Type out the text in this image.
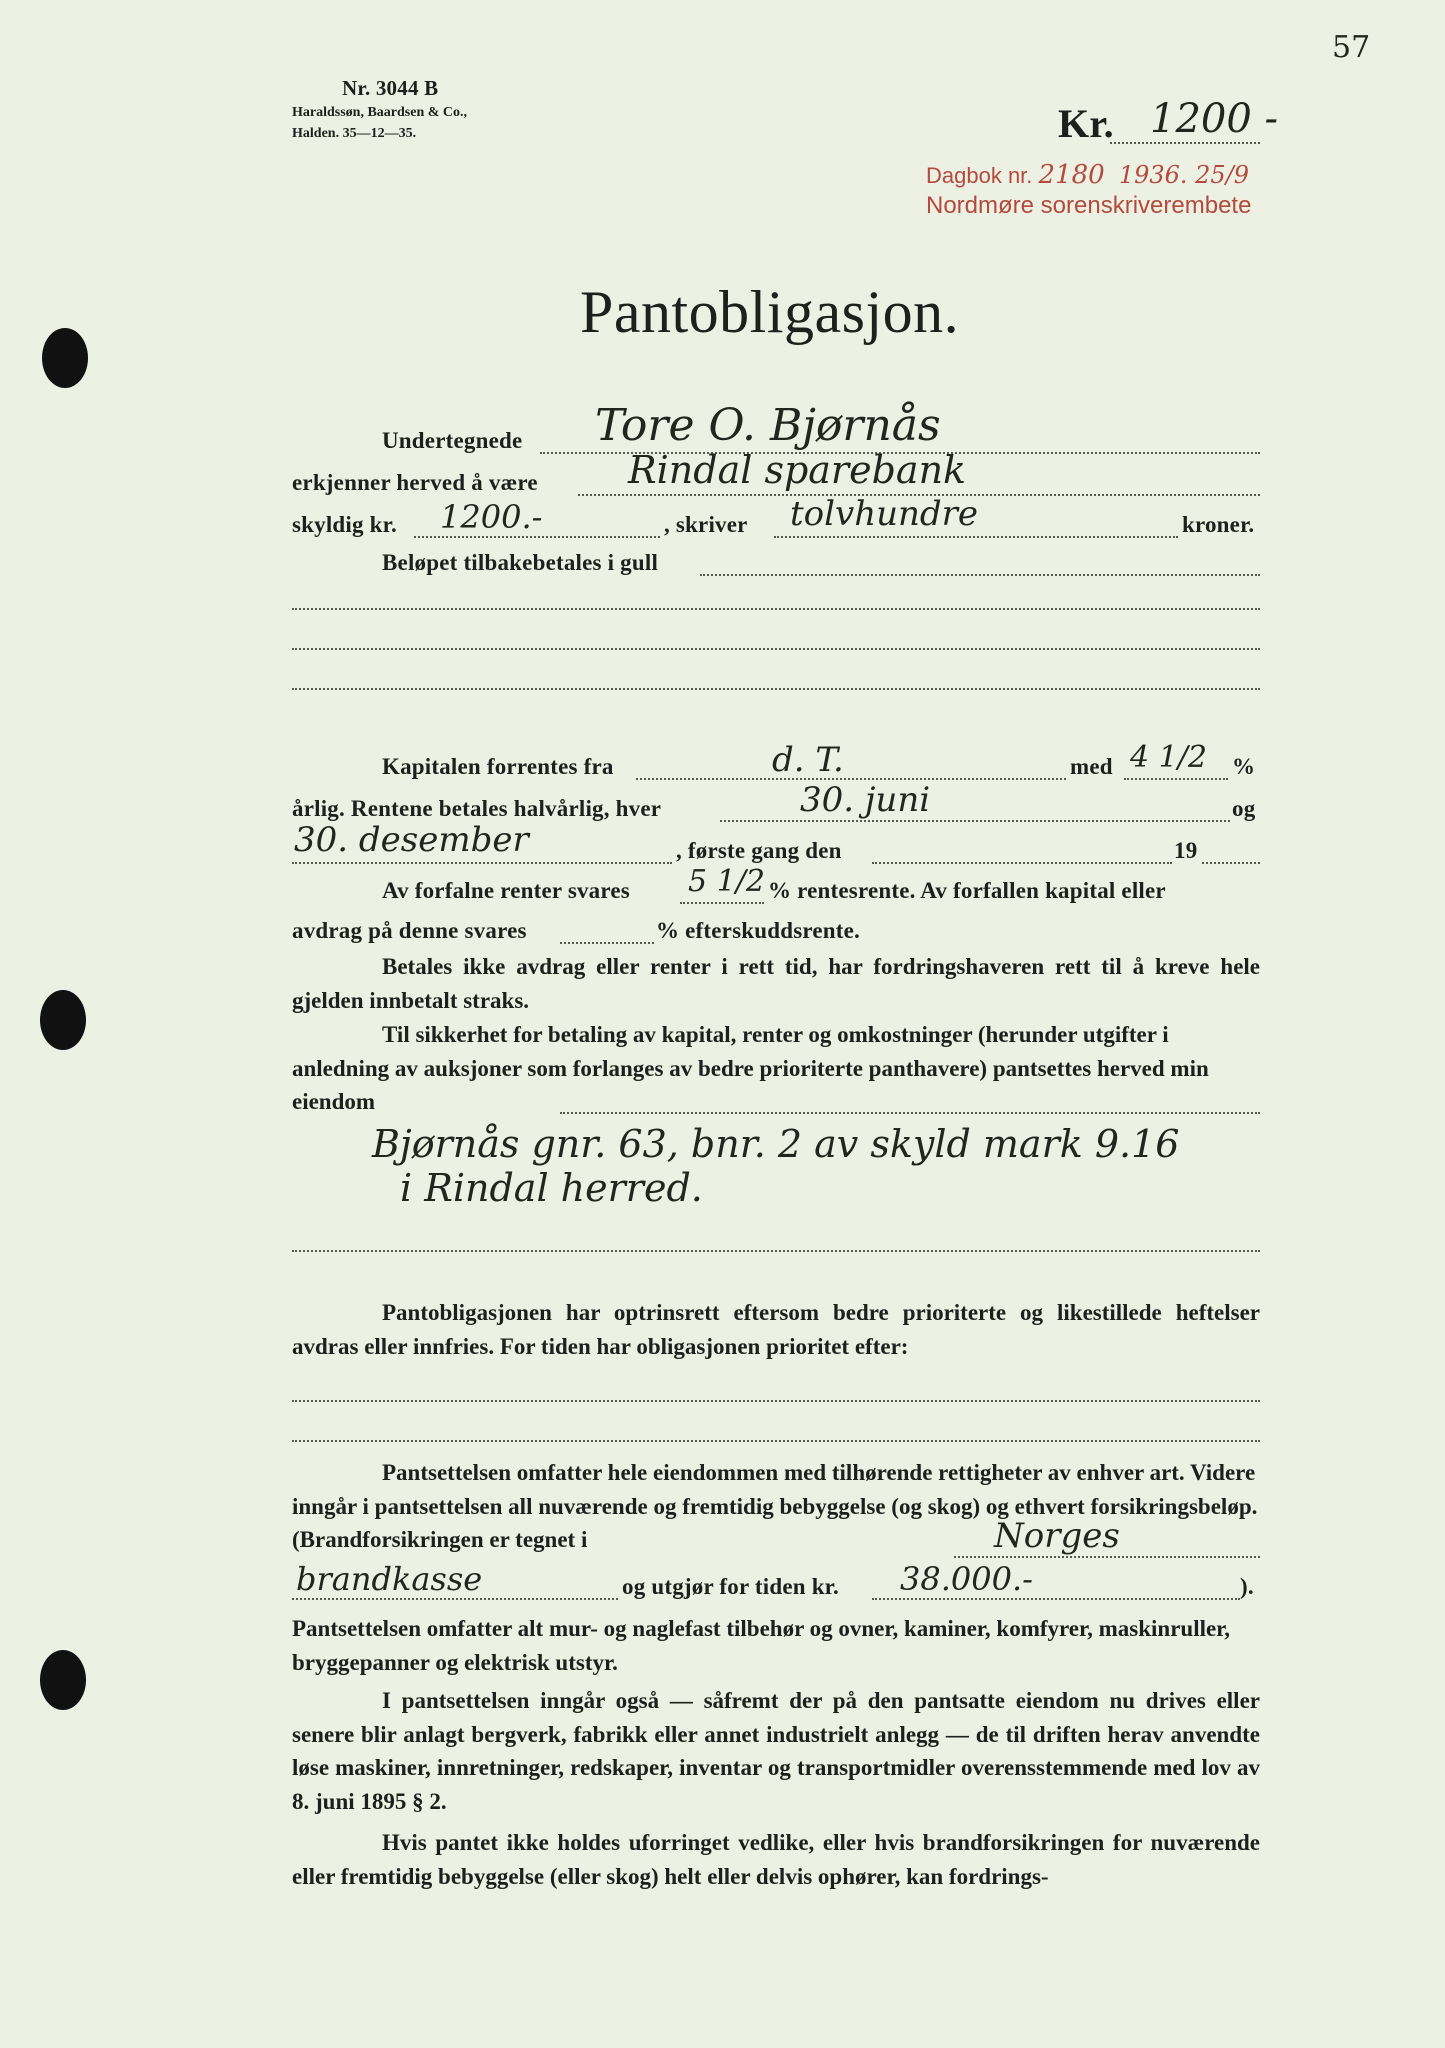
57
Nr. 3044 B
Haraldssøn, Baardsen & Co.,
Halden. 35—12—35.	Kr. 1200 -
Dagbok nr. 2180 1936. 25/9
Nordmøre sorenskriverembete
Pantobligasjon.
Undertegnede Tore O. Bjørnås
erkjenner herved å være Rindal sparebank
skyldig kr. 1200.-	, skriver tolvhundre	kroner.
Beløpet tilbakebetales i gull
Kapitalen forrentes fra	d. T.	med 4 1/2 %
årlig. Rentene betales halvårlig, hver	30. juni	og
30. desember	, første gang den	19
Av forfalne renter svares 5 1/2 % rentesrente. Av forfallen kapital eller
avdrag på denne svares	% efterskuddsrente.

Betales ikke avdrag eller renter i rett tid, har fordringshaveren rett til å kreve hele gjelden innbetalt straks.

Til sikkerhet for betaling av kapital, renter og omkostninger (herunder utgifter i anledning av auksjoner som forlanges av bedre prioriterte panthavere) pantsettes herved min eiendom

Bjørnås gnr. 63, bnr. 2 av skyld mark 9.16
i Rindal herred.

Pantobligasjonen har optrinsrett eftersom bedre prioriterte og likestillede heftelser avdras eller innfries. For tiden har obligasjonen prioritet efter:

Pantsettelsen omfatter hele eiendommen med tilhørende rettigheter av enhver art. Videre inngår i pantsettelsen all nuværende og fremtidig bebyggelse (og skog) og ethvert forsikringsbeløp. (Brandforsikringen er tegnet i	Norges
brandkasse	og utgjør for tiden kr. 38.000.-	).

Pantsettelsen omfatter alt mur- og naglefast tilbehør og ovner, kaminer, komfyrer, maskinruller, bryggepanner og elektrisk utstyr.

I pantsettelsen inngår også — såfremt der på den pantsatte eiendom nu drives eller senere blir anlagt bergverk, fabrikk eller annet industrielt anlegg — de til driften herav anvendte løse maskiner, innretninger, redskaper, inventar og transportmidler overensstemmende med lov av 8. juni 1895 § 2.

Hvis pantet ikke holdes uforringet vedlike, eller hvis brandforsikringen for nuværende eller fremtidig bebyggelse (eller skog) helt eller delvis ophører, kan fordrings-
